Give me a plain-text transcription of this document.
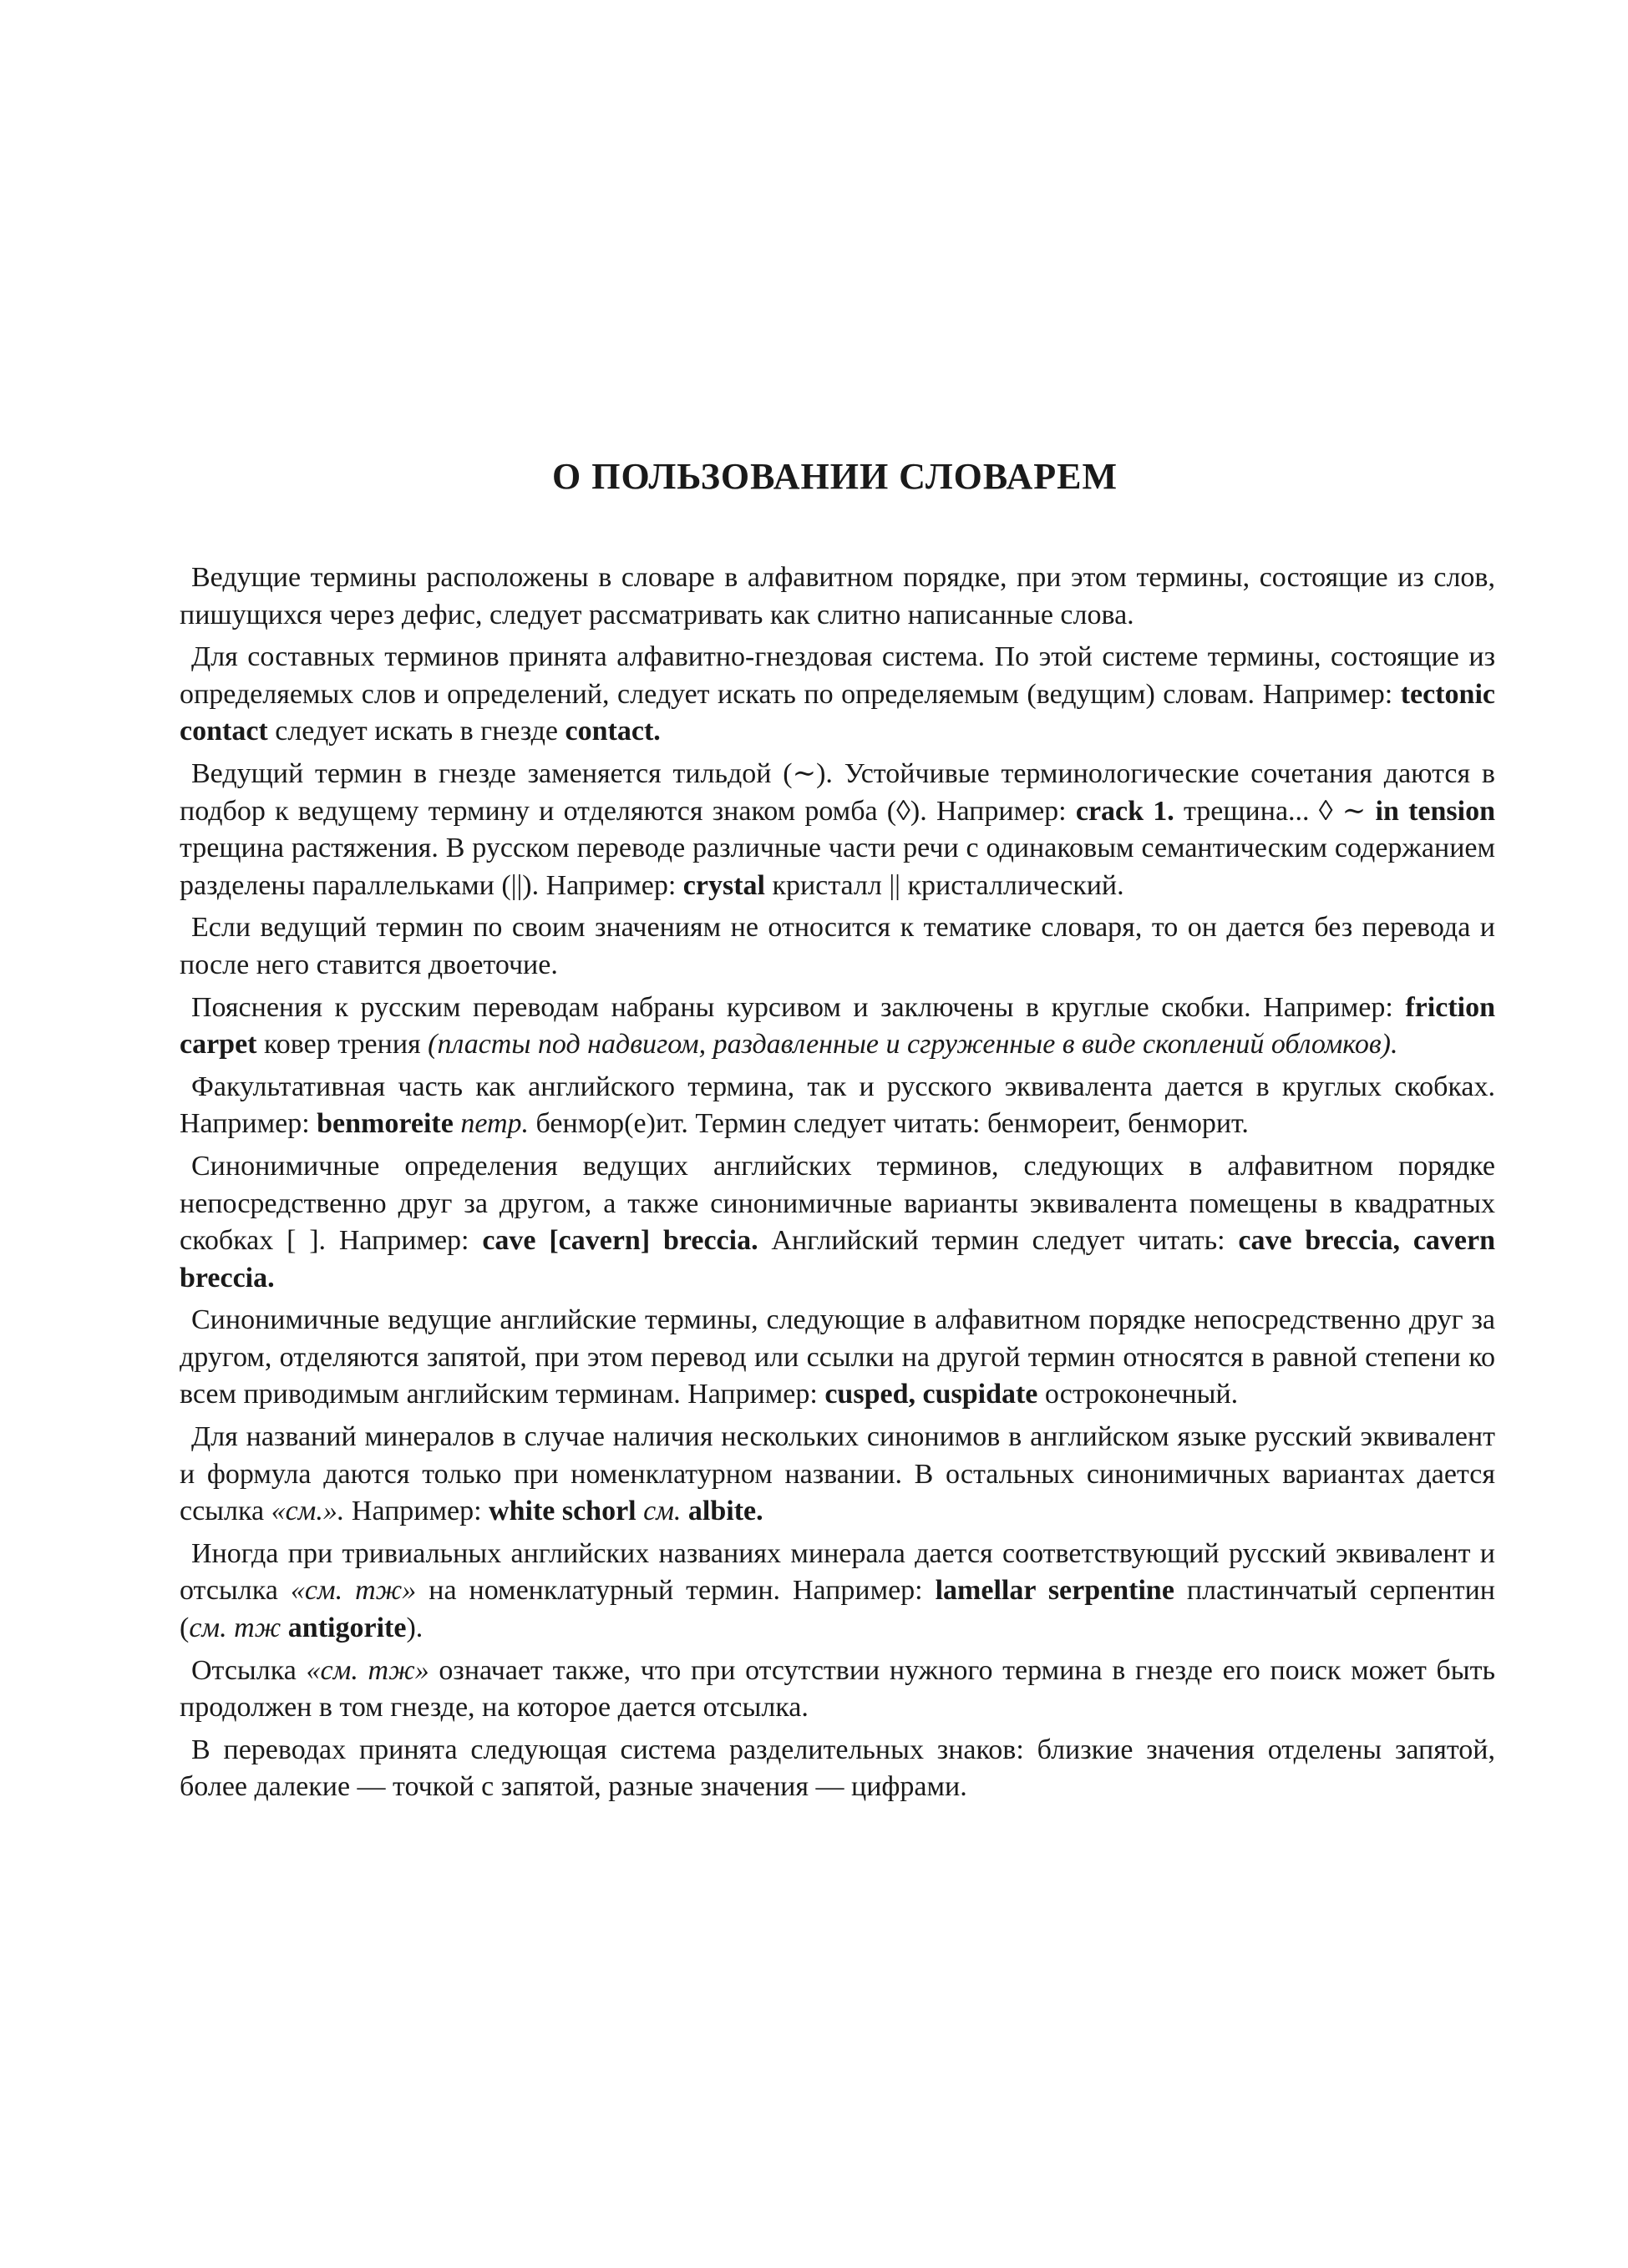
О ПОЛЬЗОВАНИИ СЛОВАРЕМ

Ведущие термины расположены в словаре в алфавитном порядке, при этом термины, состоящие из слов, пишущихся через дефис, следует рассматривать как слитно написанные слова.

Для составных терминов принята алфавитно-гнездовая система. По этой системе термины, состоящие из определяемых слов и определений, следует искать по определяемым (ведущим) словам. Например: tectonic contact следует искать в гнезде contact.

Ведущий термин в гнезде заменяется тильдой (∼). Устойчивые терминологические сочетания даются в подбор к ведущему термину и отделяются знаком ромба (◊). Например: crack 1. трещина... ◊ ∼ in tension трещина растяжения. В русском переводе различные части речи с одинаковым семантическим содержанием разделены параллельками (||). Например: crystal кристалл || кристаллический.

Если ведущий термин по своим значениям не относится к тематике словаря, то он дается без перевода и после него ставится двоеточие.

Пояснения к русским переводам набраны курсивом и заключены в круглые скобки. Например: friction carpet ковер трения (пласты под надвигом, раздавленные и сгруженные в виде скоплений обломков).

Факультативная часть как английского термина, так и русского эквивалента дается в круглых скобках. Например: benmoreite петр. бенмор(е)ит. Термин следует читать: бенмореит, бенморит.

Синонимичные определения ведущих английских терминов, следующих в алфавитном порядке непосредственно друг за другом, а также синонимичные варианты эквивалента помещены в квадратных скобках [ ]. Например: cave [cavern] breccia. Английский термин следует читать: cave breccia, cavern breccia.

Синонимичные ведущие английские термины, следующие в алфавитном порядке непосредственно друг за другом, отделяются запятой, при этом перевод или ссылки на другой термин относятся в равной степени ко всем приводимым английским терминам. Например: cusped, cuspidate остроконечный.

Для названий минералов в случае наличия нескольких синонимов в английском языке русский эквивалент и формула даются только при номенклатурном названии. В остальных синонимичных вариантах дается ссылка «см.». Например: white schorl см. albite.

Иногда при тривиальных английских названиях минерала дается соответствующий русский эквивалент и отсылка «см. тж» на номенклатурный термин. Например: lamellar serpentine пластинчатый серпентин (см. тж antigorite).

Отсылка «см. тж» означает также, что при отсутствии нужного термина в гнезде его поиск может быть продолжен в том гнезде, на которое дается отсылка.

В переводах принята следующая система разделительных знаков: близкие значения отделены запятой, более далекие — точкой с запятой, разные значения — цифрами.
